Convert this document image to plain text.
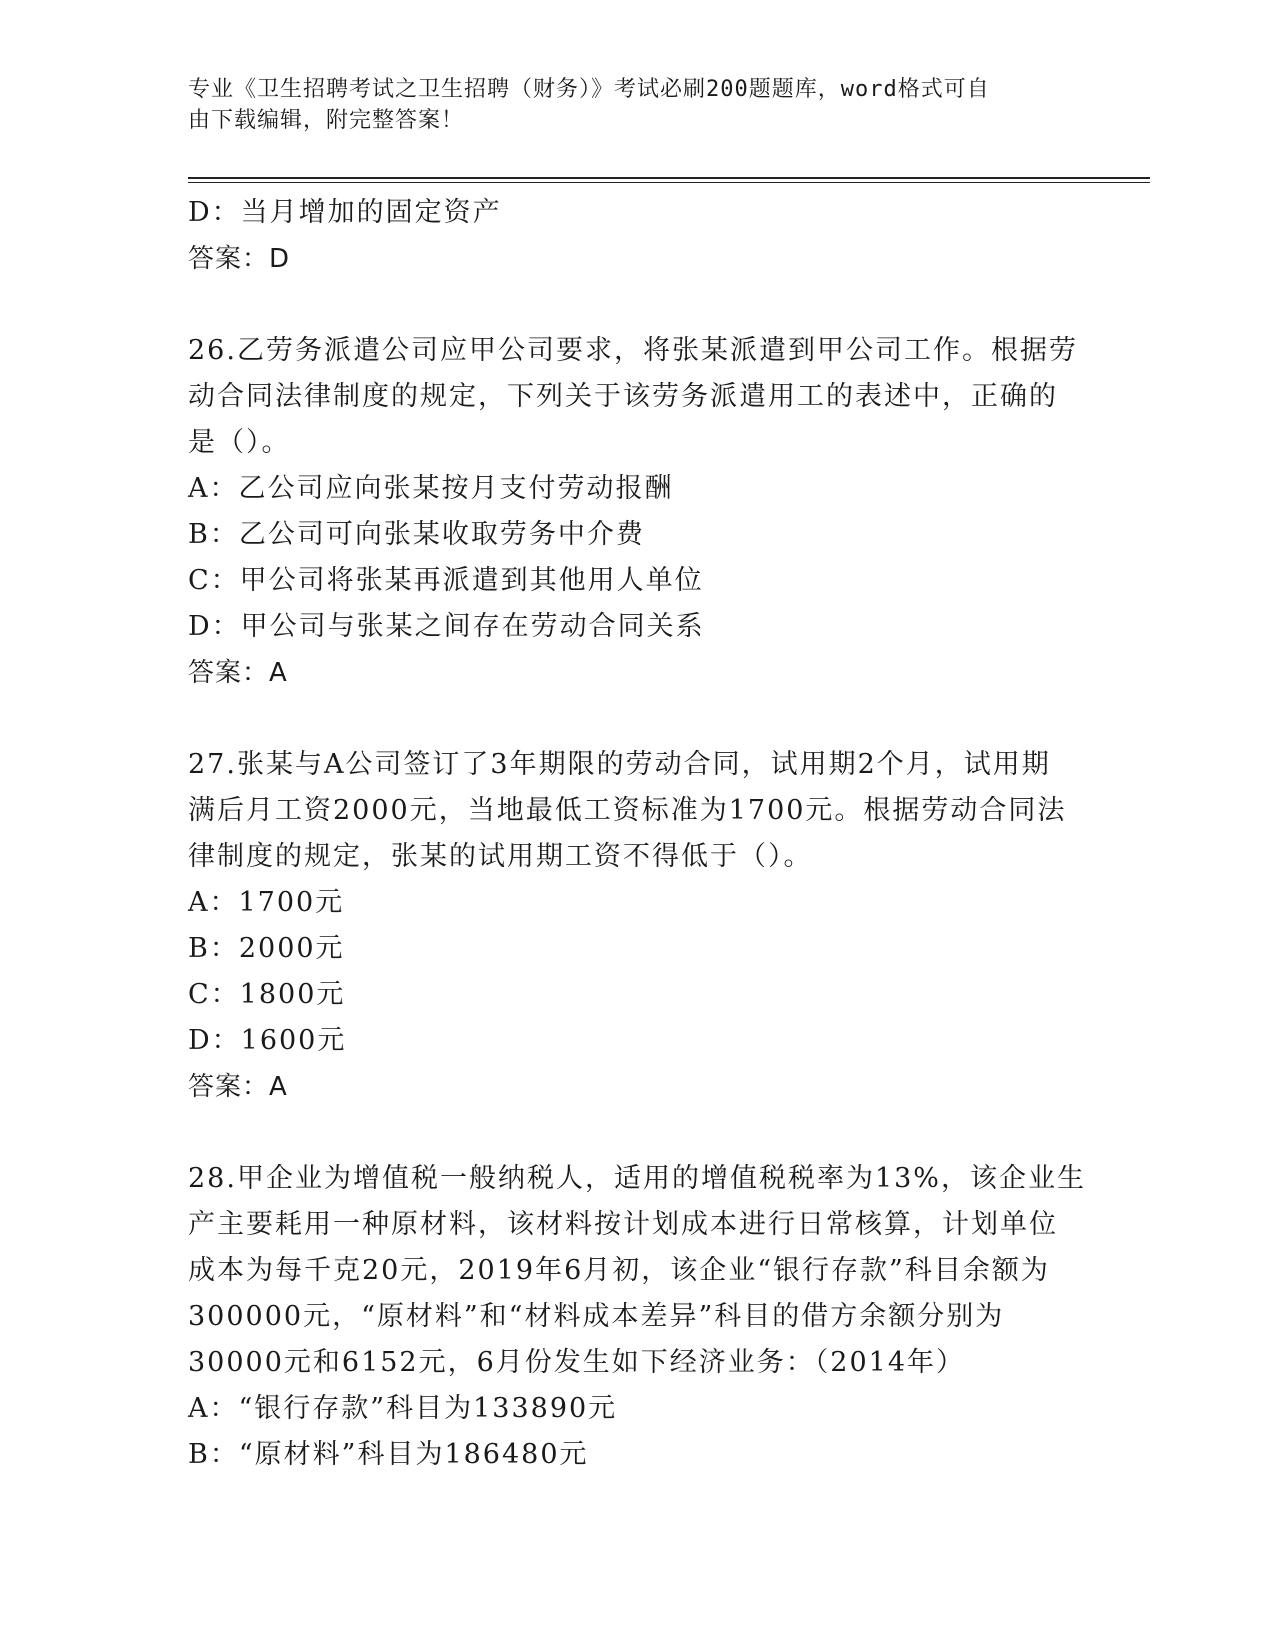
专业《卫生招聘考试之卫生招聘（财务）》考试必刷200题题库，word格式可自
由下载编辑，附完整答案！
D：当月增加的固定资产
答案：D
26.乙劳务派遣公司应甲公司要求，将张某派遣到甲公司工作。根据劳
动合同法律制度的规定，下列关于该劳务派遣用工的表述中，正确的
是（）。
A：乙公司应向张某按月支付劳动报酬
B：乙公司可向张某收取劳务中介费
C：甲公司将张某再派遣到其他用人单位
D：甲公司与张某之间存在劳动合同关系
答案：A
27.张某与A公司签订了3年期限的劳动合同，试用期2个月，试用期
满后月工资2000元，当地最低工资标准为1700元。根据劳动合同法
律制度的规定，张某的试用期工资不得低于（）。
A：1700元
B：2000元
C：1800元
D：1600元
答案：A
28.甲企业为增值税一般纳税人，适用的增值税税率为13%，该企业生
产主要耗用一种原材料，该材料按计划成本进行日常核算，计划单位
成本为每千克20元，2019年6月初，该企业“银行存款”科目余额为
300000元，“原材料”和“材料成本差异”科目的借方余额分别为
30000元和6152元，6月份发生如下经济业务：（2014年）
A：“银行存款”科目为133890元
B：“原材料”科目为186480元
